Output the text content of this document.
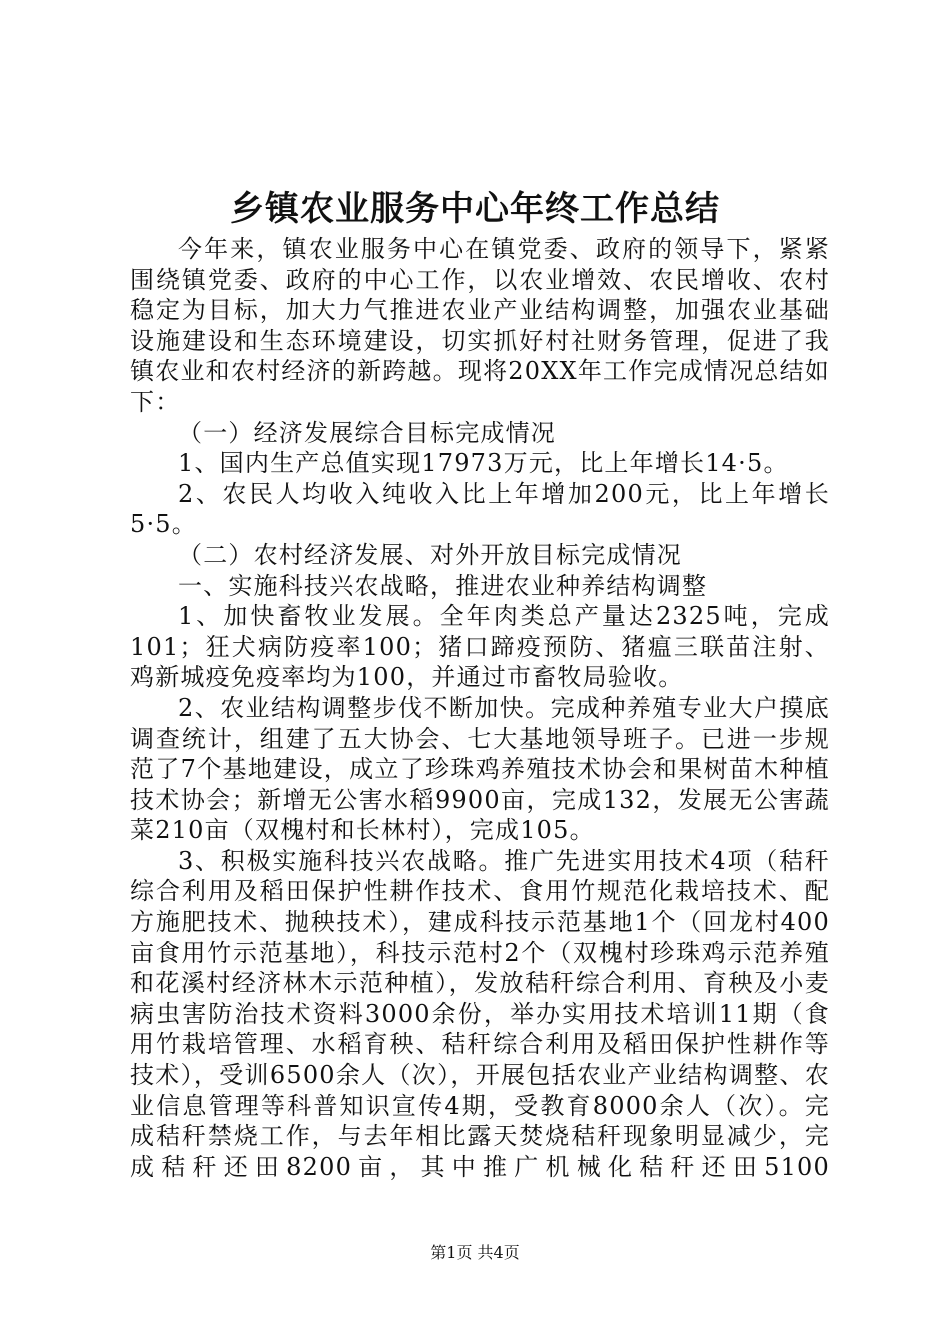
乡镇农业服务中心年终工作总结

今年来，镇农业服务中心在镇党委、政府的领导下，紧紧围绕镇党委、政府的中心工作，以农业增效、农民增收、农村稳定为目标，加大力气推进农业产业结构调整，加强农业基础设施建设和生态环境建设，切实抓好村社财务管理，促进了我镇农业和农村经济的新跨越。现将20XX年工作完成情况总结如下：

（一）经济发展综合目标完成情况

1、国内生产总值实现17973万元，比上年增长14·5。

2、农民人均收入纯收入比上年增加200元，比上年增长5·5。

（二）农村经济发展、对外开放目标完成情况

一、实施科技兴农战略，推进农业种养结构调整

1、加快畜牧业发展。全年肉类总产量达2325吨，完成101；狂犬病防疫率100；猪口蹄疫预防、猪瘟三联苗注射、鸡新城疫免疫率均为100，并通过市畜牧局验收。

2、农业结构调整步伐不断加快。完成种养殖专业大户摸底调查统计，组建了五大协会、七大基地领导班子。已进一步规范了7个基地建设，成立了珍珠鸡养殖技术协会和果树苗木种植技术协会；新增无公害水稻9900亩，完成132，发展无公害蔬菜210亩（双槐村和长林村），完成105。

3、积极实施科技兴农战略。推广先进实用技术4项（秸秆综合利用及稻田保护性耕作技术、食用竹规范化栽培技术、配方施肥技术、抛秧技术），建成科技示范基地1个（回龙村400亩食用竹示范基地），科技示范村2个（双槐村珍珠鸡示范养殖和花溪村经济林木示范种植），发放秸秆综合利用、育秧及小麦病虫害防治技术资料3000余份，举办实用技术培训11期（食用竹栽培管理、水稻育秧、秸秆综合利用及稻田保护性耕作等技术），受训6500余人（次），开展包括农业产业结构调整、农业信息管理等科普知识宣传4期，受教育8000余人（次）。完成秸秆禁烧工作，与去年相比露天焚烧秸秆现象明显减少，完成秸秆还田8200亩，其中推广机械化秸秆还田5100

第1页 共4页
